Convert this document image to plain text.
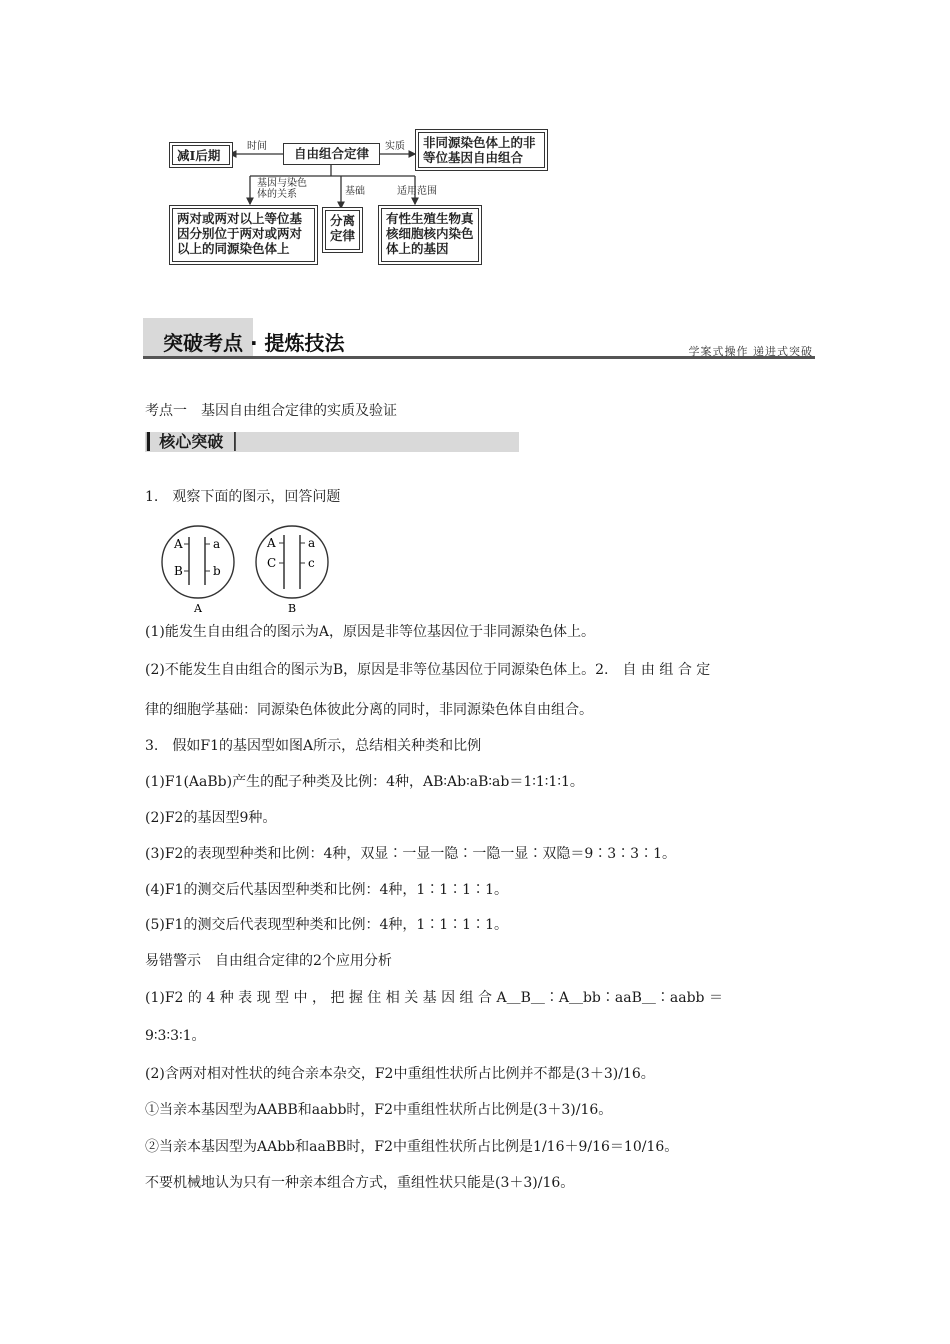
减Ⅰ后期
时间	自由组合定律	实质	非同源染色体上的非等位基因自由组合
基因与染色体的关系	基础	适用范围
两对或两对以上等位基因分别位于两对或两对以上的同源染色体上
分离定律
有性生殖生物真核细胞核内染色体上的基因
突破考点 · 提炼技法	学案式操作 递进式突破
考点一　基因自由组合定律的实质及验证
▎核心突破▕
1.　观察下面的图示，回答问题
A	a
B	b
A
A	a
C	c
B
(1)能发生自由组合的图示为A，原因是非等位基因位于非同源染色体上。
(2)不能发生自由组合的图示为B，原因是非等位基因位于同源染色体上。2.　自 由 组 合 定
律的细胞学基础：同源染色体彼此分离的同时，非同源染色体自由组合。
3.　假如F1的基因型如图A所示，总结相关种类和比例
(1)F1(AaBb)产生的配子种类及比例：4种，AB∶Ab∶aB∶ab＝1∶1∶1∶1。
(2)F2的基因型9种。
(3)F2的表现型种类和比例：4种，双显∶一显一隐∶一隐一显∶双隐＝9∶3∶3∶1。
(4)F1的测交后代基因型种类和比例：4种，1∶1∶1∶1。
(5)F1的测交后代表现型种类和比例：4种，1∶1∶1∶1。
易错警示　自由组合定律的2个应用分析
(1)F2 的 4 种 表 现 型 中 ， 把 握 住 相 关 基 因 组 合 A＿B＿∶A＿bb∶aaB＿∶aabb ＝
9∶3∶3∶1。
(2)含两对相对性状的纯合亲本杂交，F2中重组性状所占比例并不都是(3＋3)/16。
①当亲本基因型为AABB和aabb时，F2中重组性状所占比例是(3＋3)/16。
②当亲本基因型为AAbb和aaBB时，F2中重组性状所占比例是1/16＋9/16＝10/16。
不要机械地认为只有一种亲本组合方式，重组性状只能是(3＋3)/16。
